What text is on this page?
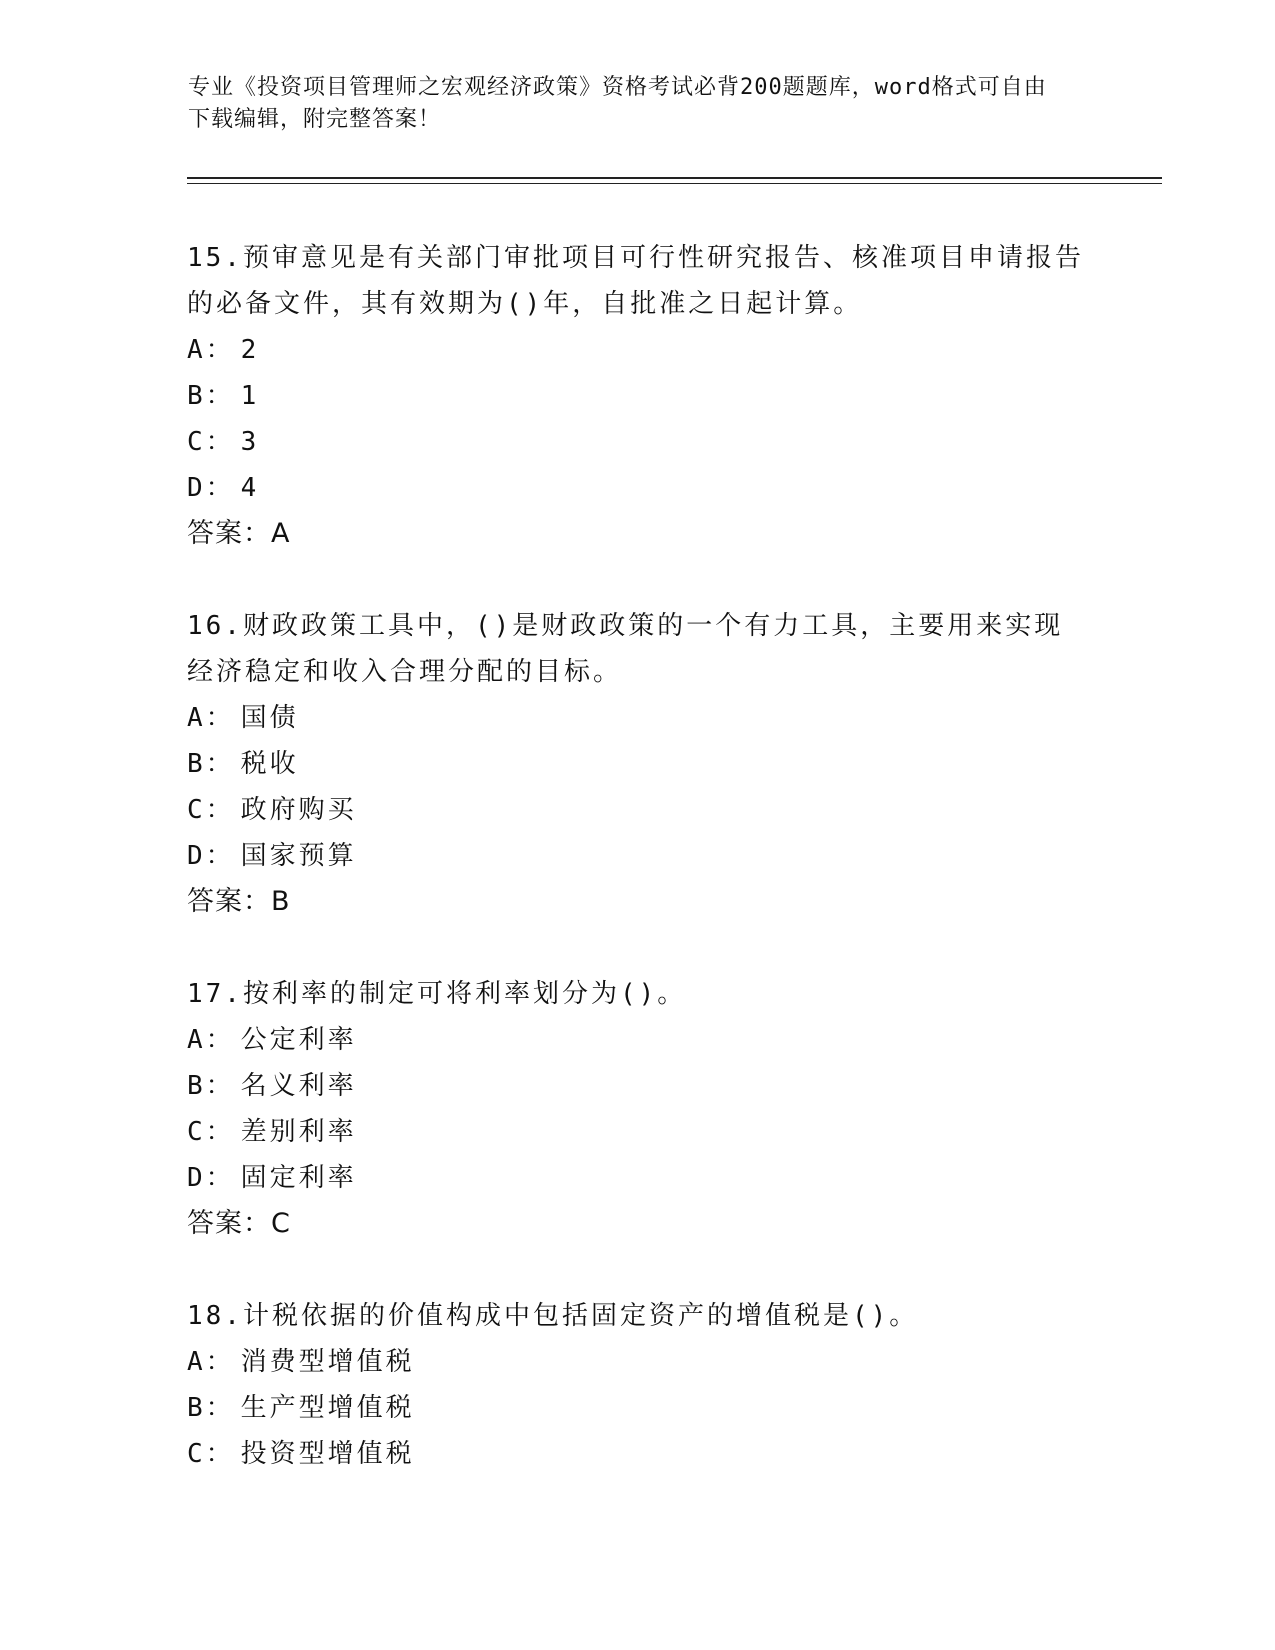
专业《投资项目管理师之宏观经济政策》资格考试必背200题题库，word格式可自由下载编辑，附完整答案！

15.预审意见是有关部门审批项目可行性研究报告、核准项目申请报告的必备文件，其有效期为()年，自批准之日起计算。

A： 2
B： 1
C： 3
D： 4
答案：A

16.财政政策工具中，()是财政政策的一个有力工具，主要用来实现经济稳定和收入合理分配的目标。

A： 国债
B： 税收
C： 政府购买
D： 国家预算
答案：B

17.按利率的制定可将利率划分为()。

A： 公定利率
B： 名义利率
C： 差别利率
D： 固定利率
答案：C

18.计税依据的价值构成中包括固定资产的增值税是()。

A： 消费型增值税
B： 生产型增值税
C： 投资型增值税
